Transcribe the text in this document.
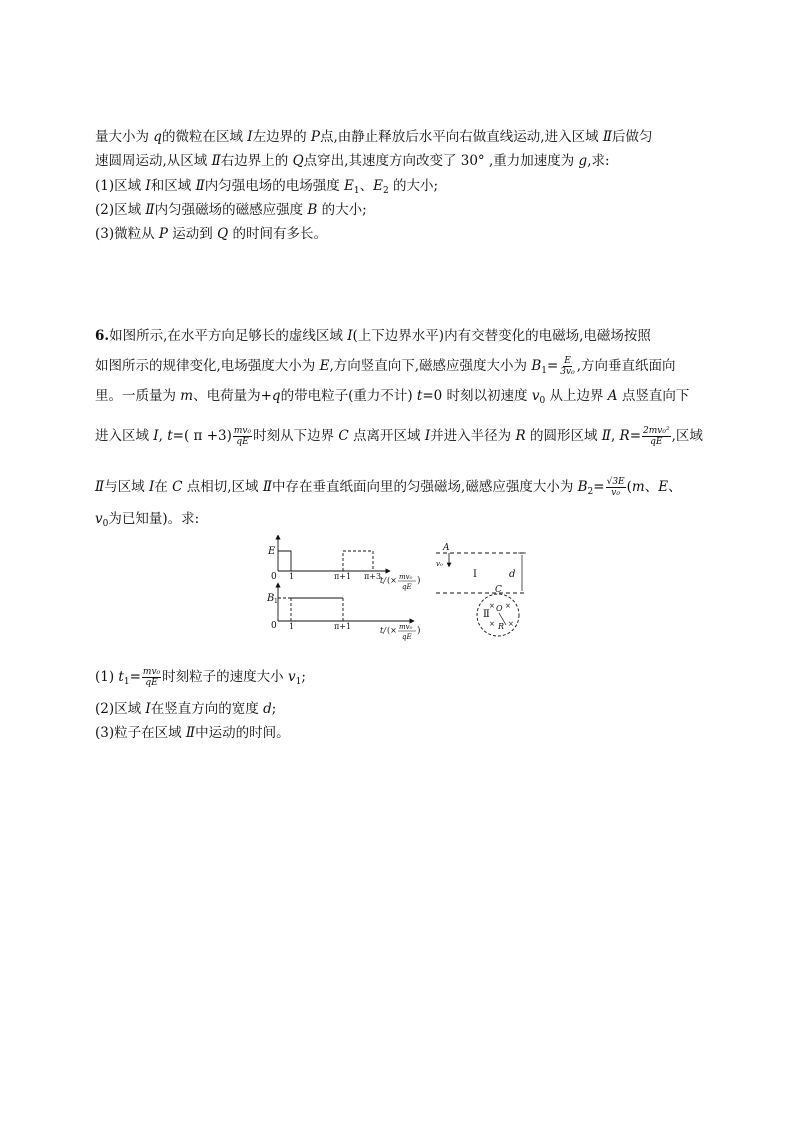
量大小为 q的微粒在区域 Ⅰ左边界的 P点,由静止释放后水平向右做直线运动,进入区域 Ⅱ后做匀
速圆周运动,从区域 Ⅱ右边界上的 Q点穿出,其速度方向改变了 30° ,重力加速度为 g,求:
(1)区域 Ⅰ和区域 Ⅱ内匀强电场的电场强度 $E_1$、$E_2$ 的大小;
(2)区域 Ⅱ内匀强磁场的磁感应强度 B 的大小;
(3)微粒从 P 运动到 Q 的时间有多长。
6.如图所示,在水平方向足够长的虚线区域 Ⅰ(上下边界水平)内有交替变化的电磁场,电磁场按照
如图所示的规律变化,电场强度大小为 E,方向竖直向下,磁感应强度大小为 $B_1= \frac{E}{\text{3v₀}}$ ,方向垂直纸面向
里。一质量为 m、电荷量为+q的带电粒子(重力不计) t=0 时刻以初速度 $v_0$ 从上边界 A 点竖直向下
进入区域 Ⅰ, t=( $\pi +3) \frac{\text{mv₀}}{qE}$ 时刻从下边界 C 点离开区域 Ⅰ并进入半径为 R 的圆形区域 Ⅱ, $R= \frac{\text{2mv₀²}}{qE}$ ,区域
Ⅱ与区域 Ⅰ在 C 点相切,区域 Ⅱ中存在垂直纸面向里的匀强磁场,磁感应强度大小为 $B_2= \frac{√3E}{\text{v₀}} (m$、E、
$v_0$为已知量)。求:
E
0 1	π+1 π+3
t/ (× mv₀
qE
)
B 1
0 1	π+1	t/ (× mv₀
qE
)
A
v₀
Ⅰ	d
C
Ⅱ
O
R
× ×
× ×
(1) $t_1= \frac{\text{mv₀}}{qE}$ 时刻粒子的速度大小 $v_1$;
(2)区域 Ⅰ在竖直方向的宽度 d;
(3)粒子在区域 Ⅱ中运动的时间。
